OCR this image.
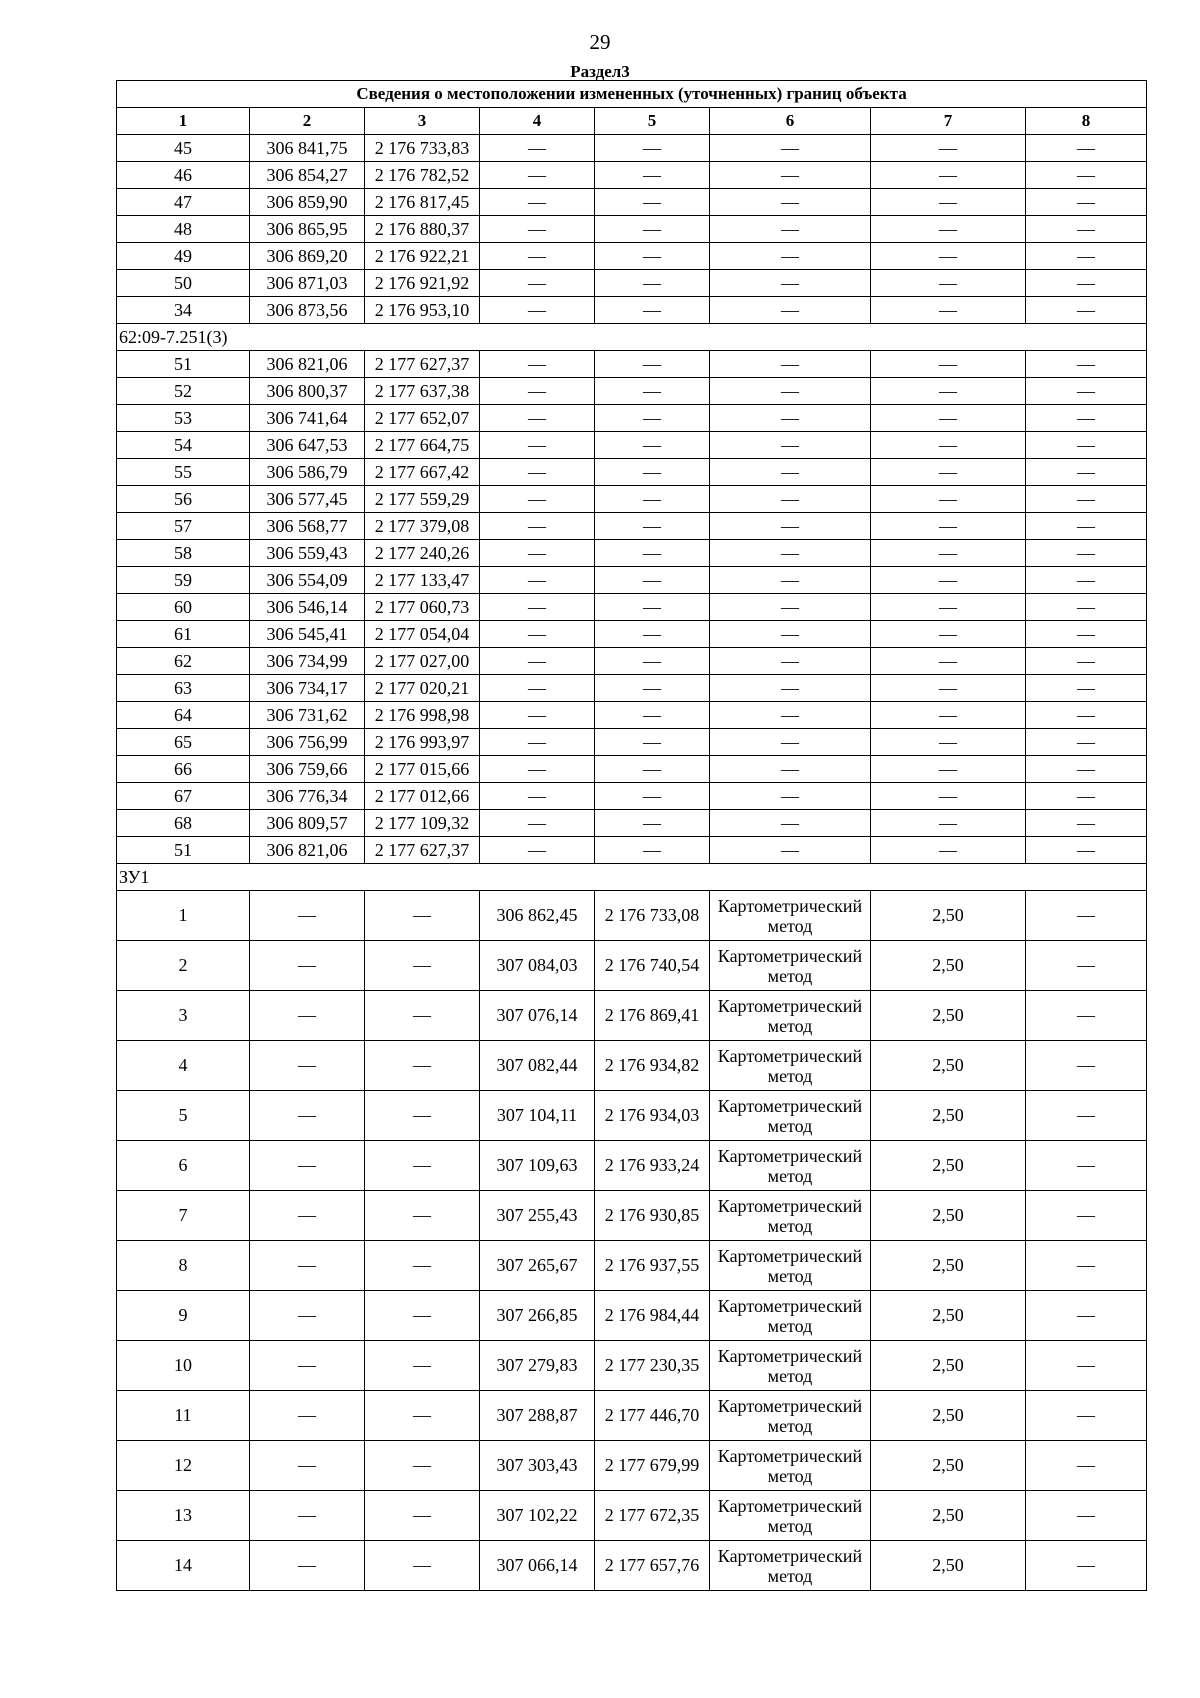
29
Раздел3
Сведения о местоположении измененных (уточненных) границ объекта							
1	2	3	4	5	6	7	8
45	306 841,75	2 176 733,83	—	—	—	—	—
46	306 854,27	2 176 782,52	—	—	—	—	—
47	306 859,90	2 176 817,45	—	—	—	—	—
48	306 865,95	2 176 880,37	—	—	—	—	—
49	306 869,20	2 176 922,21	—	—	—	—	—
50	306 871,03	2 176 921,92	—	—	—	—	—
34	306 873,56	2 176 953,10	—	—	—	—	—
62:09-7.251(3)							
51	306 821,06	2 177 627,37	—	—	—	—	—
52	306 800,37	2 177 637,38	—	—	—	—	—
53	306 741,64	2 177 652,07	—	—	—	—	—
54	306 647,53	2 177 664,75	—	—	—	—	—
55	306 586,79	2 177 667,42	—	—	—	—	—
56	306 577,45	2 177 559,29	—	—	—	—	—
57	306 568,77	2 177 379,08	—	—	—	—	—
58	306 559,43	2 177 240,26	—	—	—	—	—
59	306 554,09	2 177 133,47	—	—	—	—	—
60	306 546,14	2 177 060,73	—	—	—	—	—
61	306 545,41	2 177 054,04	—	—	—	—	—
62	306 734,99	2 177 027,00	—	—	—	—	—
63	306 734,17	2 177 020,21	—	—	—	—	—
64	306 731,62	2 176 998,98	—	—	—	—	—
65	306 756,99	2 176 993,97	—	—	—	—	—
66	306 759,66	2 177 015,66	—	—	—	—	—
67	306 776,34	2 177 012,66	—	—	—	—	—
68	306 809,57	2 177 109,32	—	—	—	—	—
51	306 821,06	2 177 627,37	—	—	—	—	—
ЗУ1							
1	—	—	306 862,45	2 176 733,08	Картометрический метод	2,50	—
2	—	—	307 084,03	2 176 740,54	Картометрический метод	2,50	—
3	—	—	307 076,14	2 176 869,41	Картометрический метод	2,50	—
4	—	—	307 082,44	2 176 934,82	Картометрический метод	2,50	—
5	—	—	307 104,11	2 176 934,03	Картометрический метод	2,50	—
6	—	—	307 109,63	2 176 933,24	Картометрический метод	2,50	—
7	—	—	307 255,43	2 176 930,85	Картометрический метод	2,50	—
8	—	—	307 265,67	2 176 937,55	Картометрический метод	2,50	—
9	—	—	307 266,85	2 176 984,44	Картометрический метод	2,50	—
10	—	—	307 279,83	2 177 230,35	Картометрический метод	2,50	—
11	—	—	307 288,87	2 177 446,70	Картометрический метод	2,50	—
12	—	—	307 303,43	2 177 679,99	Картометрический метод	2,50	—
13	—	—	307 102,22	2 177 672,35	Картометрический метод	2,50	—
14	—	—	307 066,14	2 177 657,76	Картометрический метод	2,50	—
